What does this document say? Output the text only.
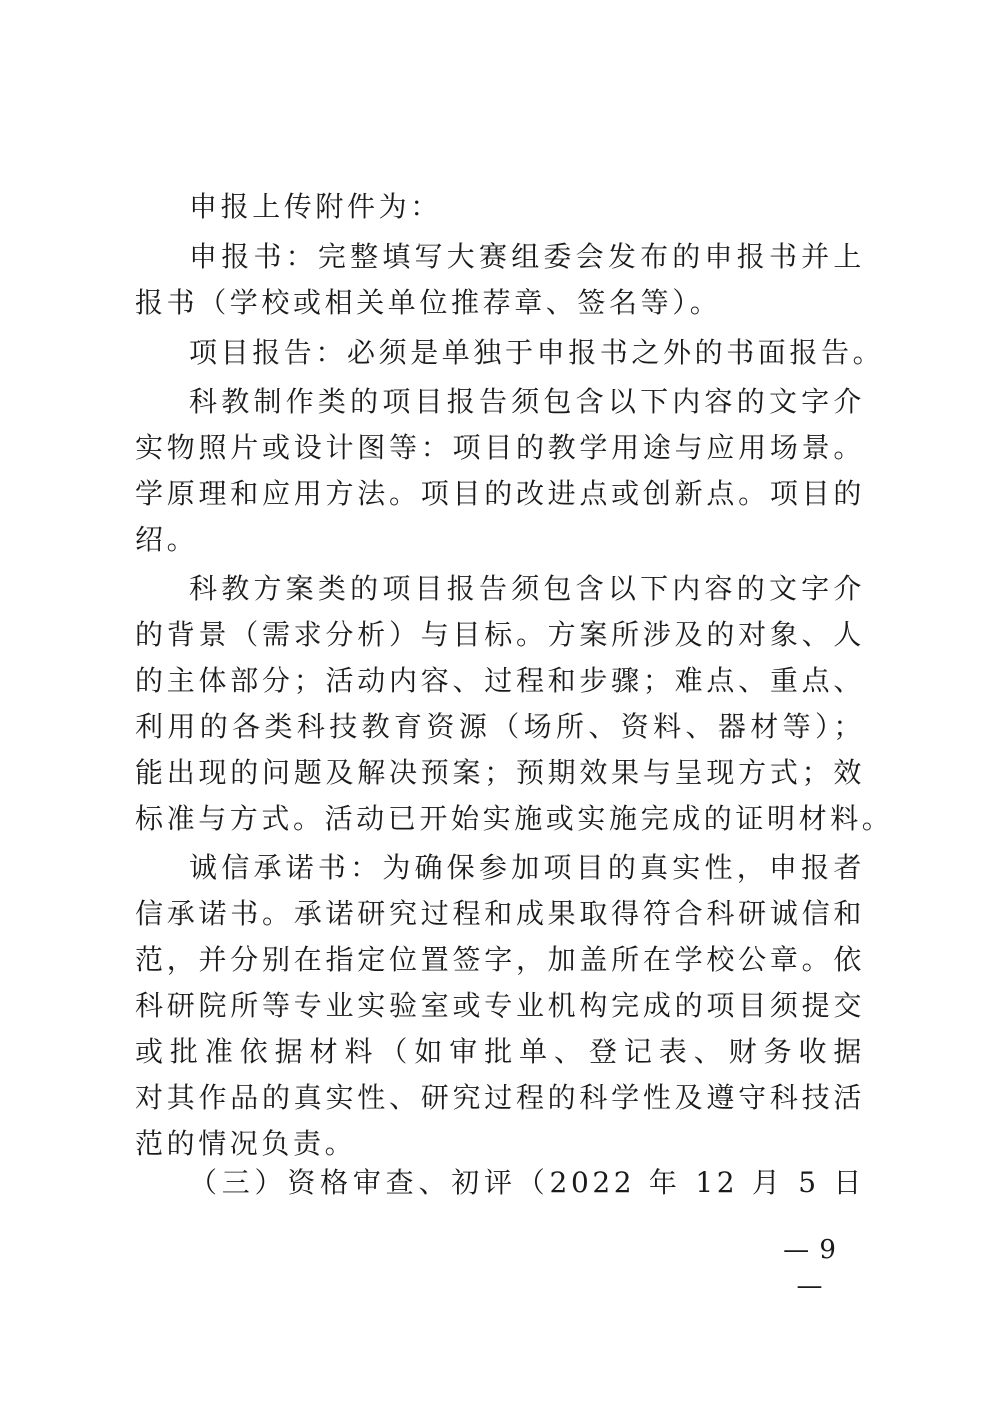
申报上传附件为：
申报书：完整填写大赛组委会发布的申报书并上
报书（学校或相关单位推荐章、签名等）。
项目报告：必须是单独于申报书之外的书面报告。
科教制作类的项目报告须包含以下内容的文字介
实物照片或设计图等：项目的教学用途与应用场景。
学原理和应用方法。项目的改进点或创新点。项目的
绍。
科教方案类的项目报告须包含以下内容的文字介
的背景（需求分析）与目标。方案所涉及的对象、人
的主体部分；活动内容、过程和步骤；难点、重点、
利用的各类科技教育资源（场所、资料、器材等）；
能出现的问题及解决预案；预期效果与呈现方式；效
标准与方式。活动已开始实施或实施完成的证明材料。
诚信承诺书：为确保参加项目的真实性，申报者
信承诺书。承诺研究过程和成果取得符合科研诚信和
范，并分别在指定位置签字，加盖所在学校公章。依
科研院所等专业实验室或专业机构完成的项目须提交
或批准依据材料（如审批单、登记表、财务收据
对其作品的真实性、研究过程的科学性及遵守科技活
范的情况负责。
（三）资格审查、初评（2022 年 12 月 5 日
— 9 —
